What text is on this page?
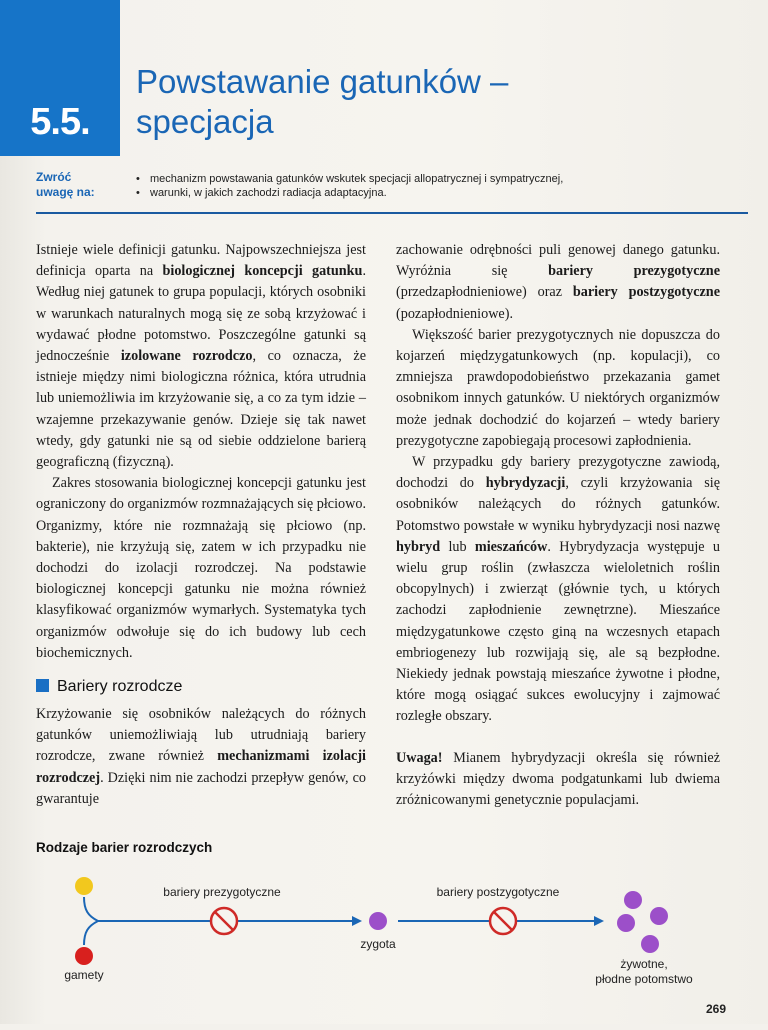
5.5.
Powstawanie gatunków –
specjacja
Zwróć
uwagę na:
• mechanizm powstawania gatunków wskutek specjacji allopatrycznej i sympatrycznej,
• warunki, w jakich zachodzi radiacja adaptacyjna.

Istnieje wiele definicji gatunku. Najpowszechniejsza jest definicja oparta na biologicznej koncepcji gatunku. Według niej gatunek to grupa populacji, których osobniki w warunkach naturalnych mogą się ze sobą krzyżować i wydawać płodne potomstwo. Poszczególne gatunki są jednocześnie izolowane rozrodczo, co oznacza, że istnieje między nimi biologiczna różnica, która utrudnia lub uniemożliwia im krzyżowanie się, a co za tym idzie – wzajemne przekazywanie genów. Dzieje się tak nawet wtedy, gdy gatunki nie są od siebie oddzielone barierą geograficzną (fizyczną).

Zakres stosowania biologicznej koncepcji gatunku jest ograniczony do organizmów rozmnażających się płciowo. Organizmy, które nie rozmnażają się płciowo (np. bakterie), nie krzyżują się, zatem w ich przypadku nie dochodzi do izolacji rozrodczej. Na podstawie biologicznej koncepcji gatunku nie można również klasyfikować organizmów wymarłych. Systematyka tych organizmów odwołuje się do ich budowy lub cech biochemicznych.

Bariery rozrodcze

Krzyżowanie się osobników należących do różnych gatunków uniemożliwiają lub utrudniają bariery rozrodcze, zwane również mechanizmami izolacji rozrodczej. Dzięki nim nie zachodzi przepływ genów, co gwarantuje

zachowanie odrębności puli genowej danego gatunku. Wyróżnia się bariery prezygotyczne (przedzapłodnieniowe) oraz bariery postzygotyczne (pozapłodnieniowe).

Większość barier prezygotycznych nie dopuszcza do kojarzeń międzygatunkowych (np. kopulacji), co zmniejsza prawdopodobieństwo przekazania gamet osobnikom innych gatunków. U niektórych organizmów może jednak dochodzić do kojarzeń – wtedy bariery prezygotyczne zapobiegają procesowi zapłodnienia.

W przypadku gdy bariery prezygotyczne zawiodą, dochodzi do hybrydyzacji, czyli krzyżowania się osobników należących do różnych gatunków. Potomstwo powstałe w wyniku hybrydyzacji nosi nazwę hybryd lub mieszańców. Hybrydyzacja występuje u wielu grup roślin (zwłaszcza wieloletnich roślin obcopylnych) i zwierząt (głównie tych, u których zachodzi zapłodnienie zewnętrzne). Mieszańce międzygatunkowe często giną na wczesnych etapach embriogenezy lub rozwijają się, ale są bezpłodne. Niekiedy jednak powstają mieszańce żywotne i płodne, które mogą osiągać sukces ewolucyjny i zajmować rozległe obszary.

Uwaga! Mianem hybrydyzacji określa się również krzyżówki między dwoma podgatunkami lub dwiema zróżnicowanymi genetycznie populacjami.

Rodzaje barier rozrodczych
bariery prezygotyczne
zygota
bariery postzygotyczne
żywotne,
płodne potomstwo
gamety
269
